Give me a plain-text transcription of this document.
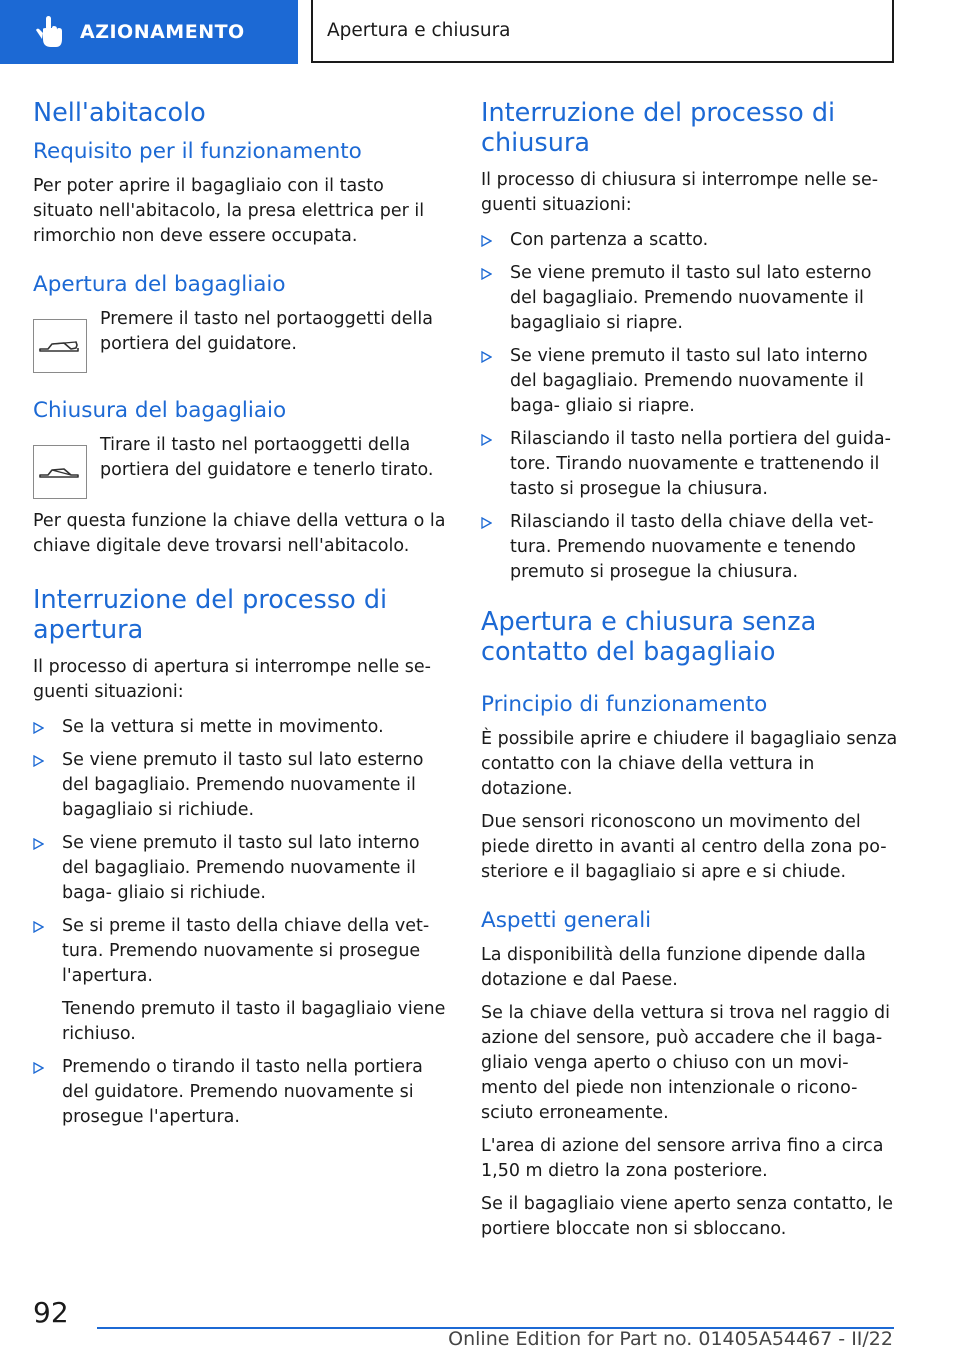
AZIONAMENTO	Apertura e chiusura
Nell'abitacolo
Requisito per il funzionamento

Per poter aprire il bagagliaio con il tasto situato nell'abitacolo, la presa elettrica per il rimorchio non deve essere occupata.

Apertura del bagagliaio

Premere il tasto nel portaoggetti della portiera del guidatore.

Chiusura del bagagliaio

Tirare il tasto nel portaoggetti della portiera del guidatore e tenerlo tirato.

Per questa funzione la chiave della vettura o la chiave digitale deve trovarsi nell'abitacolo.

Interruzione del processo di apertura

Il processo di apertura si interrompe nelle se- guenti situazioni:

Se la vettura si mette in movimento.
Se viene premuto il tasto sul lato esterno del bagagliaio. Premendo nuovamente il bagagliaio si richiude.
Se viene premuto il tasto sul lato interno del bagagliaio. Premendo nuovamente il baga- gliaio si richiude.
Se si preme il tasto della chiave della vet- tura. Premendo nuovamente si prosegue l'apertura.
Tenendo premuto il tasto il bagagliaio viene richiuso.
Premendo o tirando il tasto nella portiera del guidatore. Premendo nuovamente si prosegue l'apertura.
Interruzione del processo di chiusura

Il processo di chiusura si interrompe nelle se- guenti situazioni:

Con partenza a scatto.
Se viene premuto il tasto sul lato esterno del bagagliaio. Premendo nuovamente il bagagliaio si riapre.
Se viene premuto il tasto sul lato interno del bagagliaio. Premendo nuovamente il baga- gliaio si riapre.
Rilasciando il tasto nella portiera del guida- tore. Tirando nuovamente e trattenendo il tasto si prosegue la chiusura.
Rilasciando il tasto della chiave della vet- tura. Premendo nuovamente e tenendo premuto si prosegue la chiusura.
Apertura e chiusura senza contatto del bagagliaio
Principio di funzionamento

È possibile aprire e chiudere il bagagliaio senza contatto con la chiave della vettura in dotazione.

Due sensori riconoscono un movimento del piede diretto in avanti al centro della zona po- steriore e il bagagliaio si apre e si chiude.

Aspetti generali

La disponibilità della funzione dipende dalla dotazione e dal Paese.

Se la chiave della vettura si trova nel raggio di azione del sensore, può accadere che il baga- gliaio venga aperto o chiuso con un movi- mento del piede non intenzionale o ricono- sciuto erroneamente.

L'area di azione del sensore arriva fino a circa 1,50 m dietro la zona posteriore.

Se il bagagliaio viene aperto senza contatto, le portiere bloccate non si sbloccano.

92
Online Edition for Part no. 01405A54467 - II/22
